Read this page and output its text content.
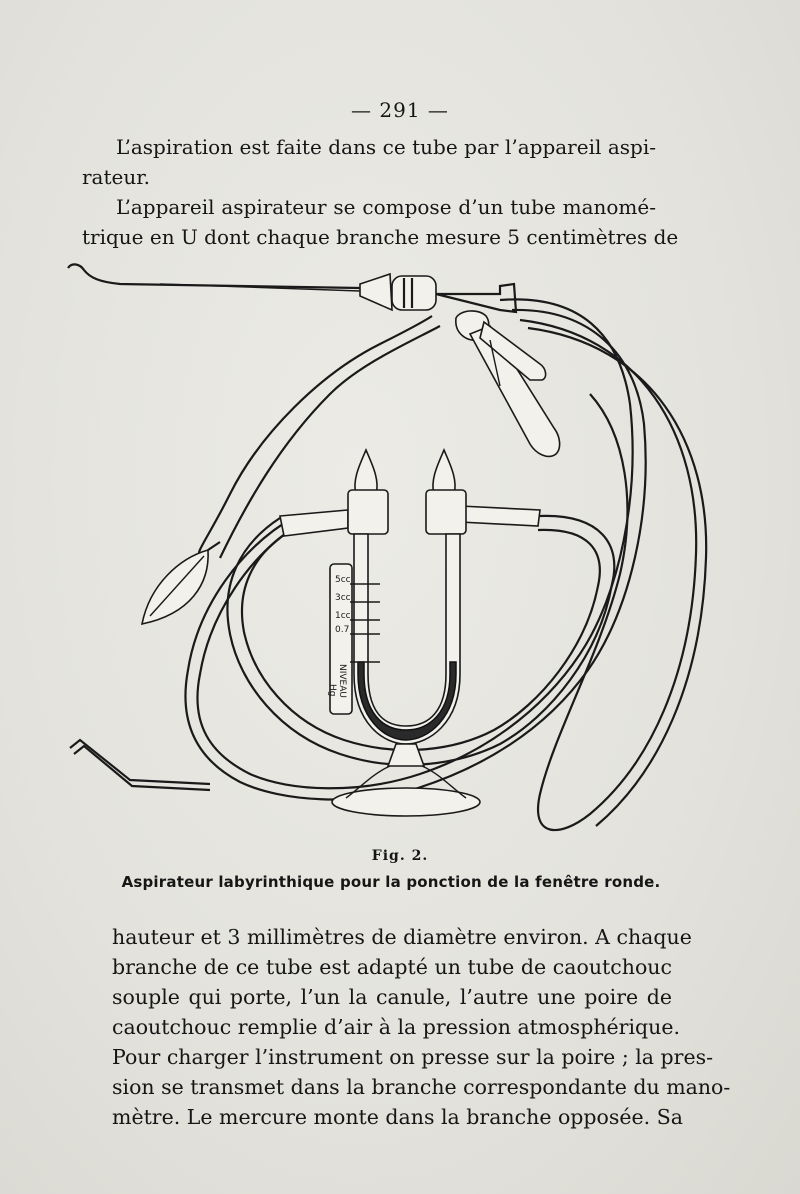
— 291 —

L’aspiration est faite dans ce tube par l’appareil aspi-
rateur.

L’appareil aspirateur se compose d’un tube manomé-
trique en U dont chaque branche mesure 5 centimètres de

5cc
3cc
1cc
0.7
NIVEAU
Hg
Fig. 2.
Aspirateur labyrinthique pour la ponction de la fenêtre ronde.

hauteur et 3 millimètres de diamètre environ. A chaque
branche de ce tube est adapté un tube de caoutchouc
souple qui porte, l’un la canule, l’autre une poire de
caoutchouc remplie d’air à la pression atmosphérique.
Pour charger l’instrument on presse sur la poire ; la pres-
sion se transmet dans la branche correspondante du mano-
mètre. Le mercure monte dans la branche opposée. Sa
